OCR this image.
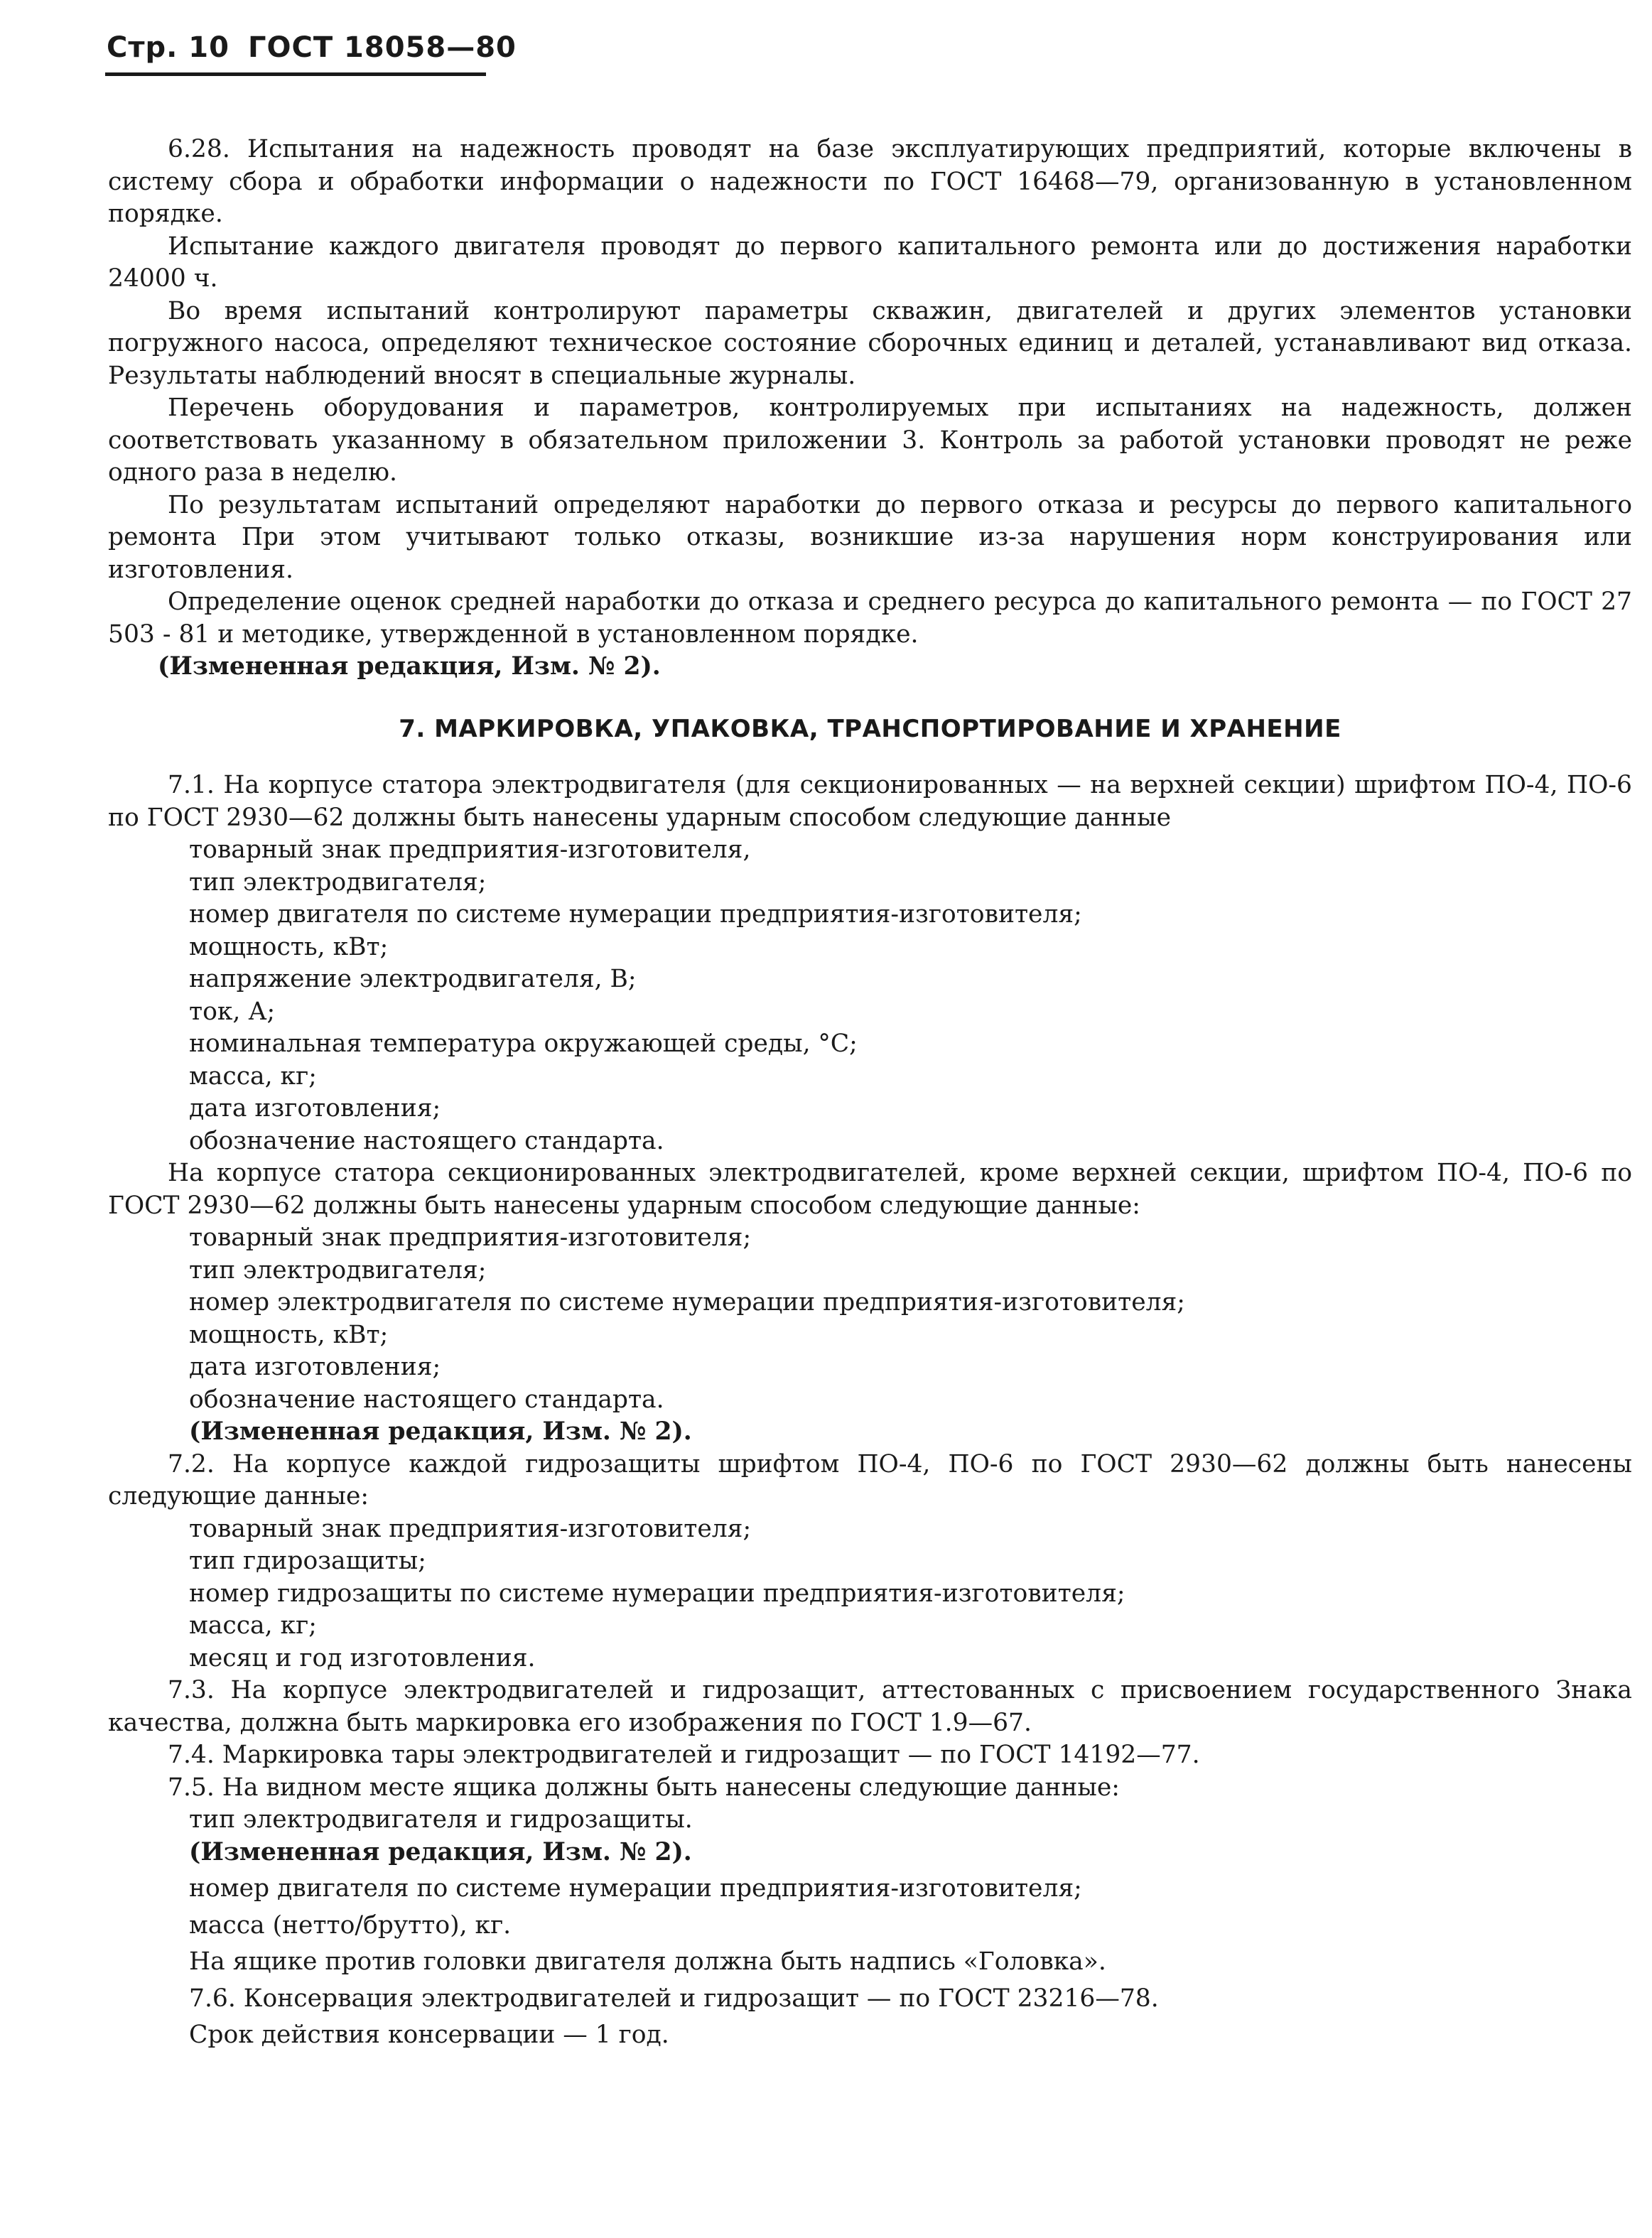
Стр. 10 ГОСТ 18058—80

6.28. Испытания на надежность проводят на базе эксплуатирующих предприятий, которые включены в систему сбора и обработки информации о надежности по ГОСТ 16468—79, организованную в установленном порядке.

Испытание каждого двигателя проводят до первого капитального ремонта или до достижения наработки 24000 ч.

Во время испытаний контролируют параметры скважин, двигателей и других элементов установки погружного насоса, определяют техническое состояние сборочных единиц и деталей, устанавливают вид отказа. Результаты наблюдений вносят в специальные журналы.

Перечень оборудования и параметров, контролируемых при испытаниях на надежность, должен соответствовать указанному в обязательном приложении 3. Контроль за работой установки проводят не реже одного раза в неделю.

По результатам испытаний определяют наработки до первого отказа и ресурсы до первого капитального ремонта При этом учитывают только отказы, возникшие из-за нарушения норм конструирования или изготовления.

Определение оценок средней наработки до отказа и среднего ресурса до капитального ремонта — по ГОСТ 27 503 - 81 и методике, утвержденной в установленном порядке.

(Измененная редакция, Изм. № 2).

7. МАРКИРОВКА, УПАКОВКА, ТРАНСПОРТИРОВАНИЕ И ХРАНЕНИЕ

7.1. На корпусе статора электродвигателя (для секционированных — на верхней секции) шрифтом ПО-4, ПО-6 по ГОСТ 2930—62 должны быть нанесены ударным способом следующие данные

товарный знак предприятия-изготовителя,

тип электродвигателя;

номер двигателя по системе нумерации предприятия-изготовителя;

мощность, кВт;

напряжение электродвигателя, В;

ток, А;

номинальная температура окружающей среды, °С;

масса, кг;

дата изготовления;

обозначение настоящего стандарта.

На корпусе статора секционированных электродвигателей, кроме верхней секции, шрифтом ПО-4, ПО-6 по ГОСТ 2930—62 должны быть нанесены ударным способом следующие данные:

товарный знак предприятия-изготовителя;

тип электродвигателя;

номер электродвигателя по системе нумерации предприятия-изготовителя;

мощность, кВт;

дата изготовления;

обозначение настоящего стандарта.

(Измененная редакция, Изм. № 2).

7.2. На корпусе каждой гидрозащиты шрифтом ПО-4, ПО-6 по ГОСТ 2930—62 должны быть нанесены следующие данные:

товарный знак предприятия-изготовителя;

тип гдирозащиты;

номер гидрозащиты по системе нумерации предприятия-изготовителя;

масса, кг;

месяц и год изготовления.

7.3. На корпусе электродвигателей и гидрозащит, аттестованных с присвоением государственного Знака качества, должна быть маркировка его изображения по ГОСТ 1.9—67.

7.4. Маркировка тары электродвигателей и гидрозащит — по ГОСТ 14192—77.

7.5. На видном месте ящика должны быть нанесены следующие данные:

тип электродвигателя и гидрозащиты.

(Измененная редакция, Изм. № 2).

номер двигателя по системе нумерации предприятия-изготовителя;

масса (нетто/брутто), кг.

На ящике против головки двигателя должна быть надпись «Головка».

7.6. Консервация электродвигателей и гидрозащит — по ГОСТ 23216—78.

Срок действия консервации — 1 год.
